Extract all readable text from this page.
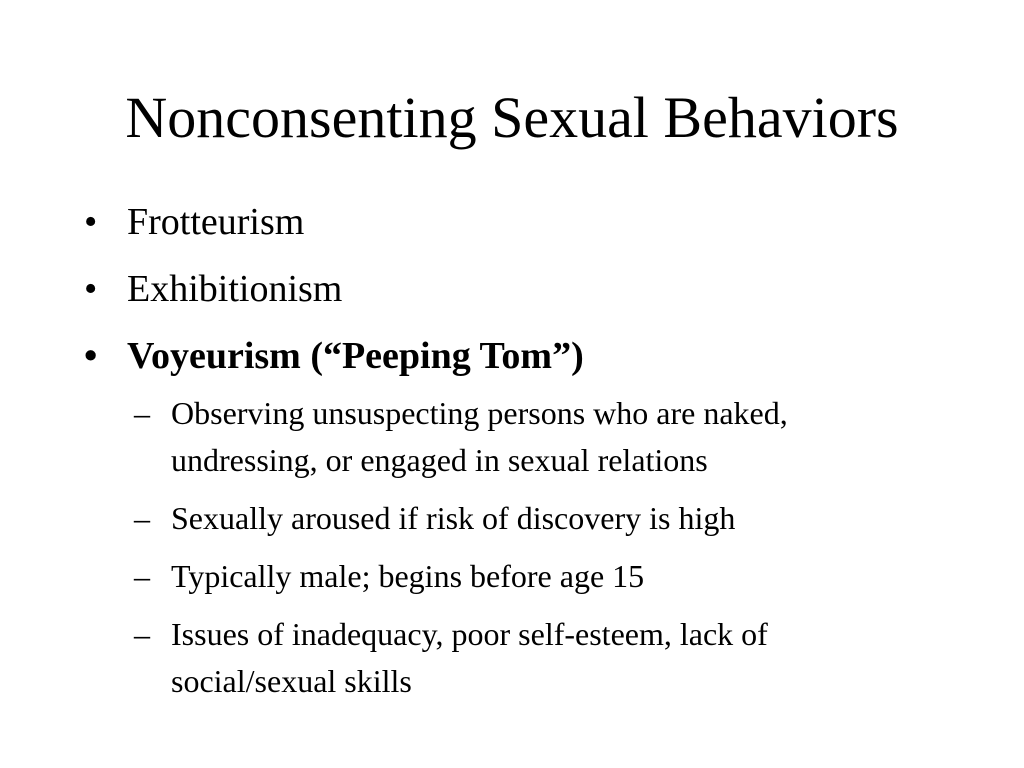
Nonconsenting Sexual Behaviors
• Frotteurism
• Exhibitionism
• Voyeurism (“Peeping Tom”)
– Observing unsuspecting persons who are naked, undressing, or engaged in sexual relations
– Sexually aroused if risk of discovery is high
– Typically male; begins before age 15
– Issues of inadequacy, poor self-esteem, lack of social/sexual skills
